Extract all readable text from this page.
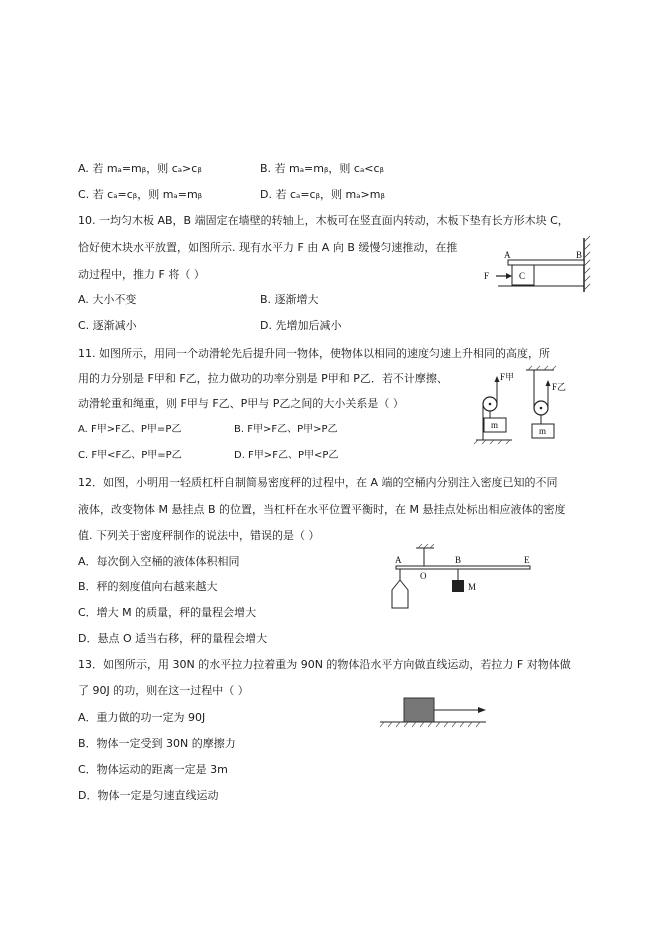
A. 若 mₐ=mᵦ，则 cₐ>cᵦ	B. 若 mₐ=mᵦ，则 cₐ<cᵦ
C. 若 cₐ=cᵦ，则 mₐ=mᵦ	D. 若 cₐ=cᵦ，则 mₐ>mᵦ
10. 一均匀木板 AB，B 端固定在墙壁的转轴上，木板可在竖直面内转动，木板下垫有长方形木块 C，
恰好使木块水平放置，如图所示. 现有水平力 F 由 A 向 B 缓慢匀速推动，在推
动过程中，推力 F 将（ ）
A. 大小不变	B. 逐渐增大
C. 逐渐减小	D. 先增加后减小
A	B
C
F
11. 如图所示，用同一个动滑轮先后提升同一物体，使物体以相同的速度匀速上升相同的高度，所
用的力分别是 F甲和 F乙，拉力做功的功率分别是 P甲和 P乙．若不计摩擦、
动滑轮重和绳重，则 F甲与 F乙、P甲与 P乙之间的大小关系是（ ）
A. F甲>F乙、P甲=P乙	B. F甲>F乙、P甲>P乙
C. F甲<F乙、P甲=P乙	D. F甲>F乙、P甲<P乙
m
F甲
m
F乙
12．如图，小明用一轻质杠杆自制简易密度秤的过程中，在 A 端的空桶内分别注入密度已知的不同
液体，改变物体 M 悬挂点 B 的位置，当杠杆在水平位置平衡时，在 M 悬挂点处标出相应液体的密度
值. 下列关于密度秤制作的说法中，错误的是（ ）
A．每次倒入空桶的液体体积相同
B．秤的刻度值向右越来越大
C．增大 M 的质量，秤的量程会增大
D．悬点 O 适当右移，秤的量程会增大
A
O
B	E
M
13．如图所示，用 30N 的水平拉力拉着重为 90N 的物体沿水平方向做直线运动，若拉力 F 对物体做
了 90J 的功，则在这一过程中（ ）
A．重力做的功一定为 90J
B．物体一定受到 30N 的摩擦力
C．物体运动的距离一定是 3m
D．物体一定是匀速直线运动
